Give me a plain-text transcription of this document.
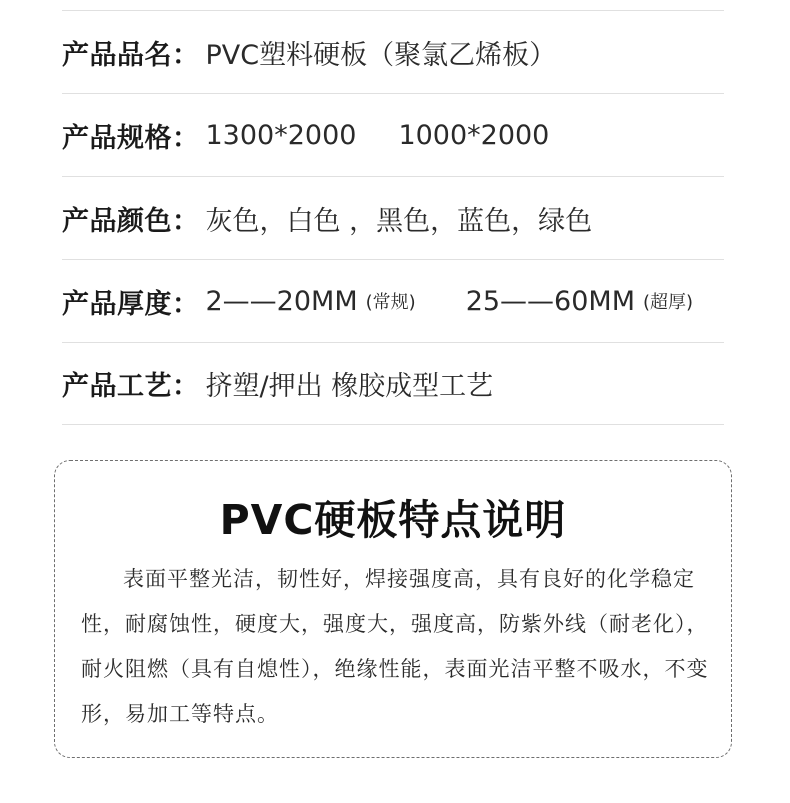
产品品名： PVC塑料硬板（聚氯乙烯板）
产品规格： 1300*2000 1000*2000
产品颜色： 灰色，白色 ，黑色，蓝色，绿色
产品厚度： 2——20MM (常规) 25——60MM (超厚)
产品工艺： 挤塑/押出 橡胶成型工艺
PVC硬板特点说明
表面平整光洁，韧性好，焊接强度高，具有良好的化学稳定性，耐腐蚀性，硬度大，强度大，强度高，防紫外线（耐老化），耐火阻燃（具有自熄性），绝缘性能，表面光洁平整不吸水，不变形，易加工等特点。
